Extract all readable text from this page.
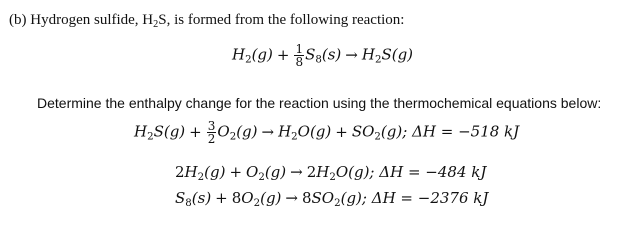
(b) Hydrogen sulfide, $H_2S$, is formed from the following reaction:
$H_2(g) + \frac{1}{8} S_8(s) \to H_2S(g)$
Determine the enthalpy change for the reaction using the thermochemical equations below:
$H_2S(g) + \frac{3}{2} O_2(g) \to H_2O(g) + SO_2(g)$; ΔH = −518 kJ
$2H_2(g) + O_2(g) \to 2H_2O(g)$; ΔH = −484 kJ
$S_8(s) + 8O_2(g) \to 8SO_2(g)$; ΔH = −2376 kJ
